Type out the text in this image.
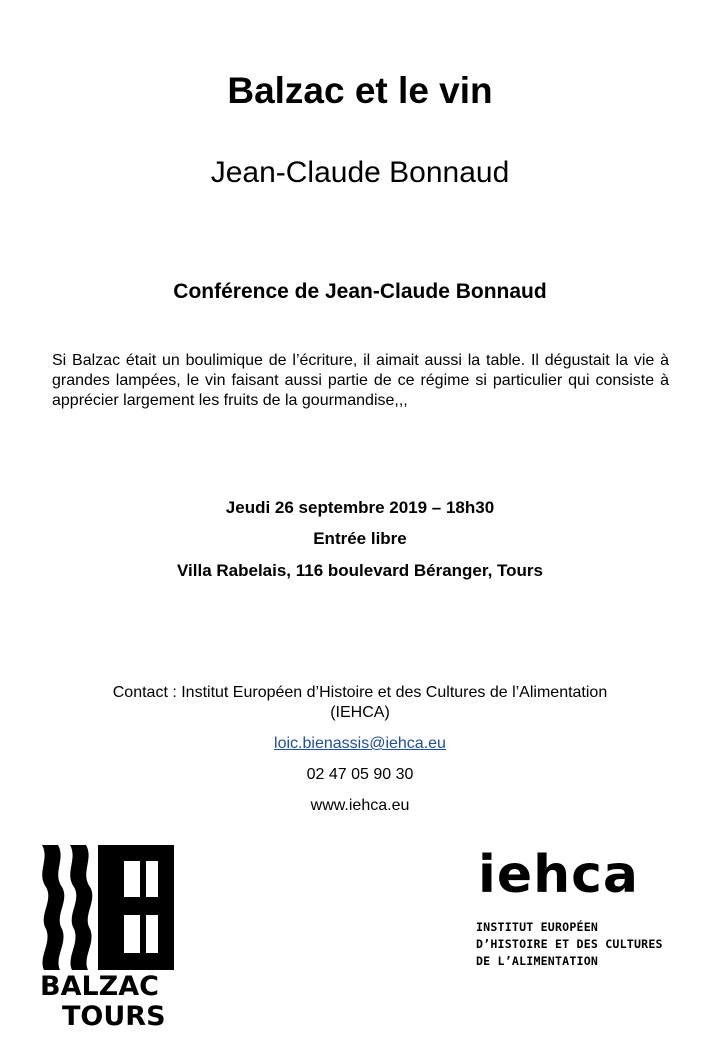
Balzac et le vin
Jean-Claude Bonnaud
Conférence de Jean-Claude Bonnaud
Si Balzac était un boulimique de l’écriture, il aimait aussi la table. Il dégustait la vie à grandes lampées, le vin faisant aussi partie de ce régime si particulier qui consiste à apprécier largement les fruits de la gourmandise,,,
Jeudi 26 septembre 2019 – 18h30
Entrée libre
Villa Rabelais, 116 boulevard Béranger, Tours
Contact : Institut Européen d’Histoire et des Cultures de l’Alimentation
(IEHCA)
loic.bienassis@iehca.eu
02 47 05 90 30
www.iehca.eu
BALZAC
TOURS
iehca
INSTITUT EUROPÉEN
D’HISTOIRE ET DES CULTURES
DE L’ALIMENTATION
